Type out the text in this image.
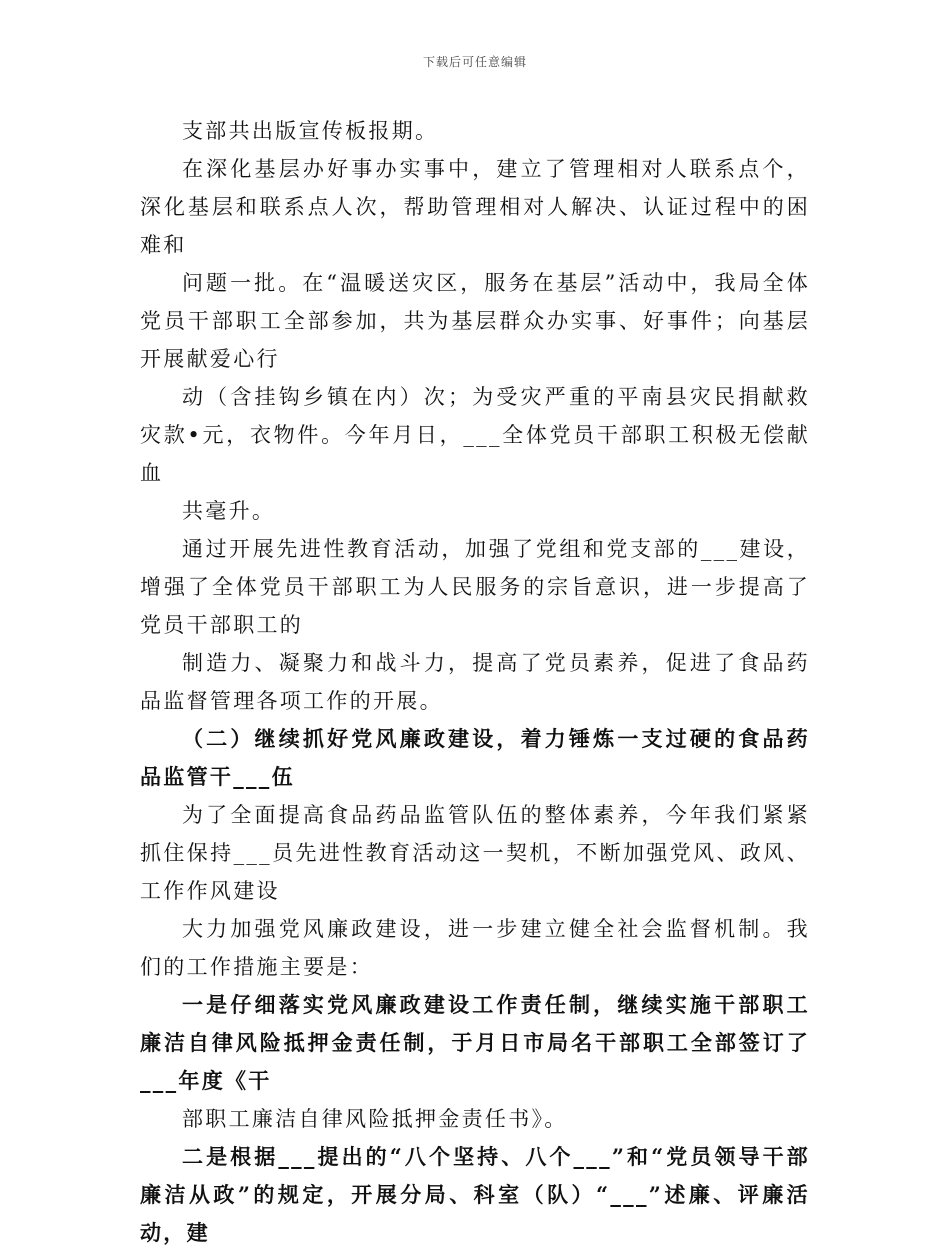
下载后可任意编辑

支部共出版宣传板报期。

在深化基层办好事办实事中，建立了管理相对人联系点个，深化基层和联系点人次，帮助管理相对人解决、认证过程中的困难和

问题一批。在“温暖送灾区，服务在基层”活动中，我局全体党员干部职工全部参加，共为基层群众办实事、好事件；向基层开展献爱心行

动（含挂钩乡镇在内）次；为受灾严重的平南县灾民捐献救灾款•元，衣物件。今年月日，___全体党员干部职工积极无偿献血

共毫升。

通过开展先进性教育活动，加强了党组和党支部的___建设，增强了全体党员干部职工为人民服务的宗旨意识，进一步提高了党员干部职工的

制造力、凝聚力和战斗力，提高了党员素养，促进了食品药品监督管理各项工作的开展。

（二）继续抓好党风廉政建设，着力锤炼一支过硬的食品药品监管干___伍

为了全面提高食品药品监管队伍的整体素养，今年我们紧紧抓住保持___员先进性教育活动这一契机，不断加强党风、政风、工作作风建设

大力加强党风廉政建设，进一步建立健全社会监督机制。我们的工作措施主要是：

一是仔细落实党风廉政建设工作责任制，继续实施干部职工廉洁自律风险抵押金责任制，于月日市局名干部职工全部签订了___年度《干

部职工廉洁自律风险抵押金责任书》。

二是根据___提出的“八个坚持、八个___”和“党员领导干部廉洁从政”的规定，开展分局、科室（队）“___”述廉、评廉活动，建
